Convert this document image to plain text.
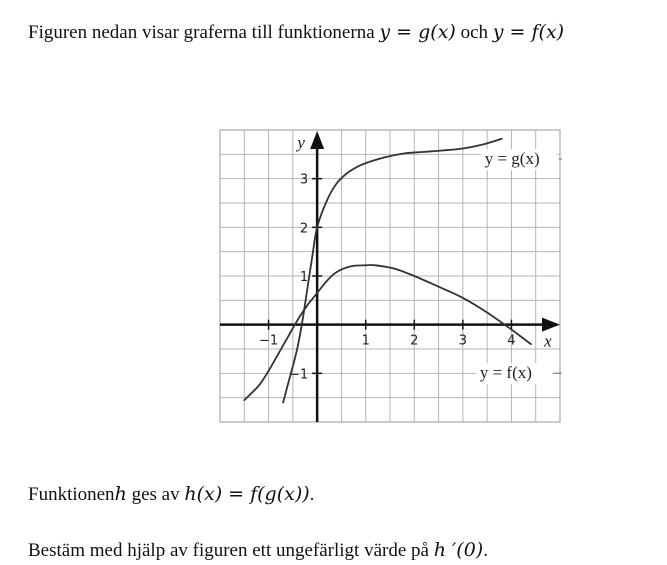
Figuren nedan visar graferna till funktionerna y = g(x) och y = f(x)
−1	1	2	3	4
−1
1
2
3
x
y
y = g(x)
y = f(x)
Funktionenh ges av h(x) = f(g(x)).
Bestäm med hjälp av figuren ett ungefärligt värde på h ′(0).
